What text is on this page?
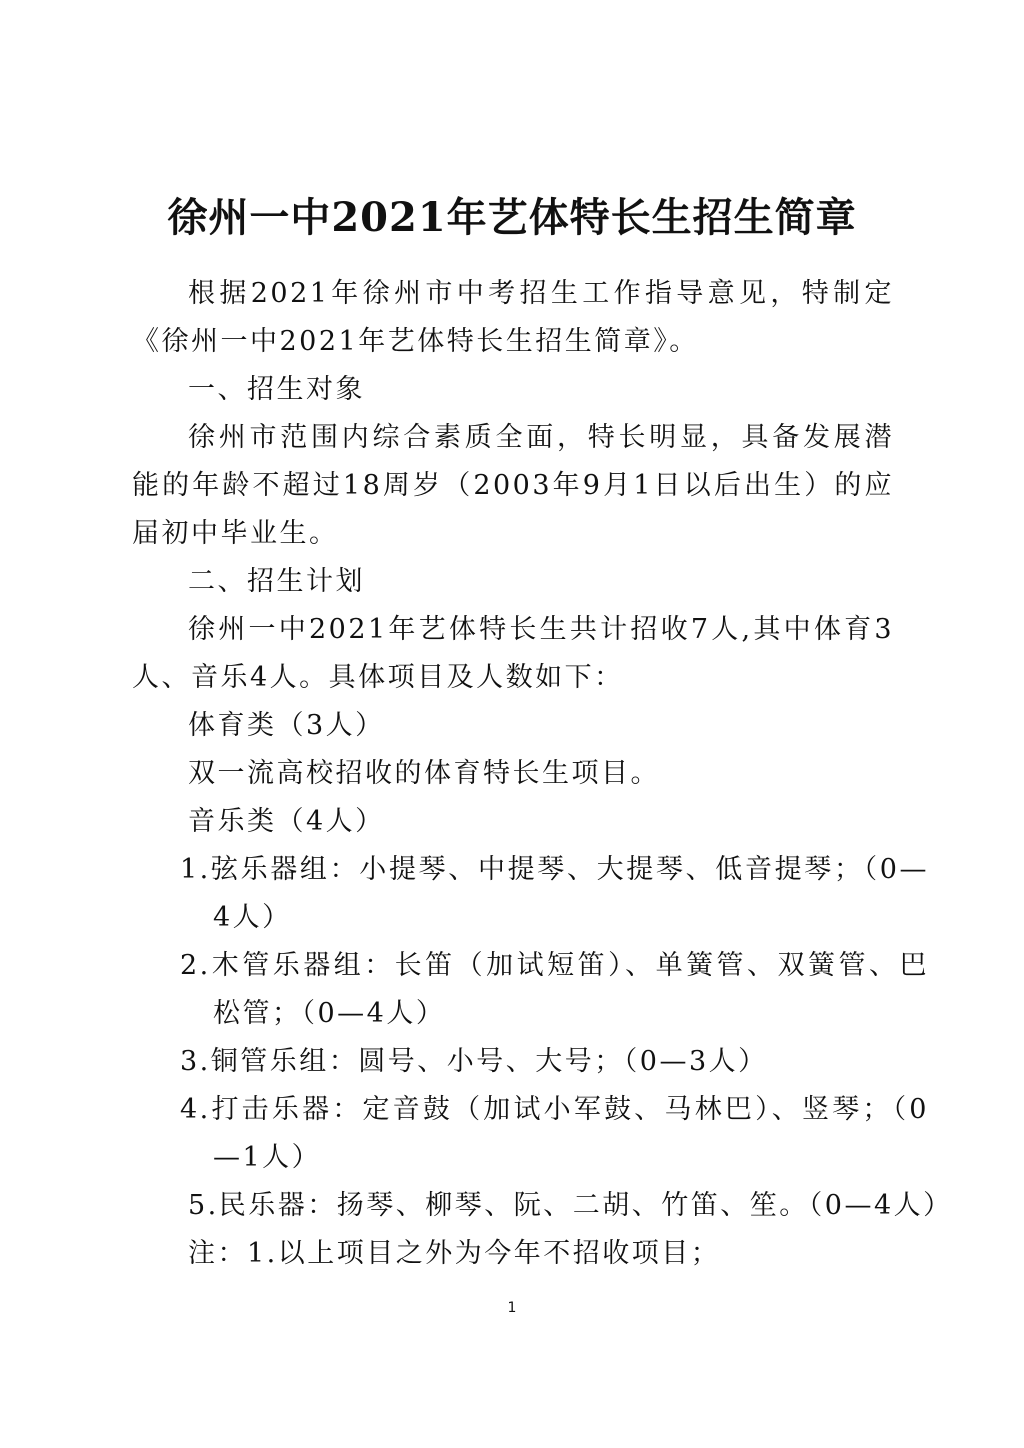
徐州一中2021年艺体特长生招生简章

根据2021年徐州市中考招生工作指导意见，特制定《徐州一中2021年艺体特长生招生简章》。

一、招生对象

徐州市范围内综合素质全面，特长明显，具备发展潜能的年龄不超过18周岁（2003年9月1日以后出生）的应届初中毕业生。

二、招生计划

徐州一中2021年艺体特长生共计招收7人,其中体育3人、音乐4人。具体项目及人数如下：

体育类（3人）

双一流高校招收的体育特长生项目。

音乐类（4人）

1.弦乐器组：小提琴、中提琴、大提琴、低音提琴；（0—4人）

2.木管乐器组：长笛（加试短笛）、单簧管、双簧管、巴松管；（0—4人）

3.铜管乐组：圆号、小号、大号；（0—3人）

4.打击乐器：定音鼓（加试小军鼓、马林巴）、竖琴；（0—1人）

5.民乐器：扬琴、柳琴、阮、二胡、竹笛、笙。（0—4人）

注：1.以上项目之外为今年不招收项目；

1
